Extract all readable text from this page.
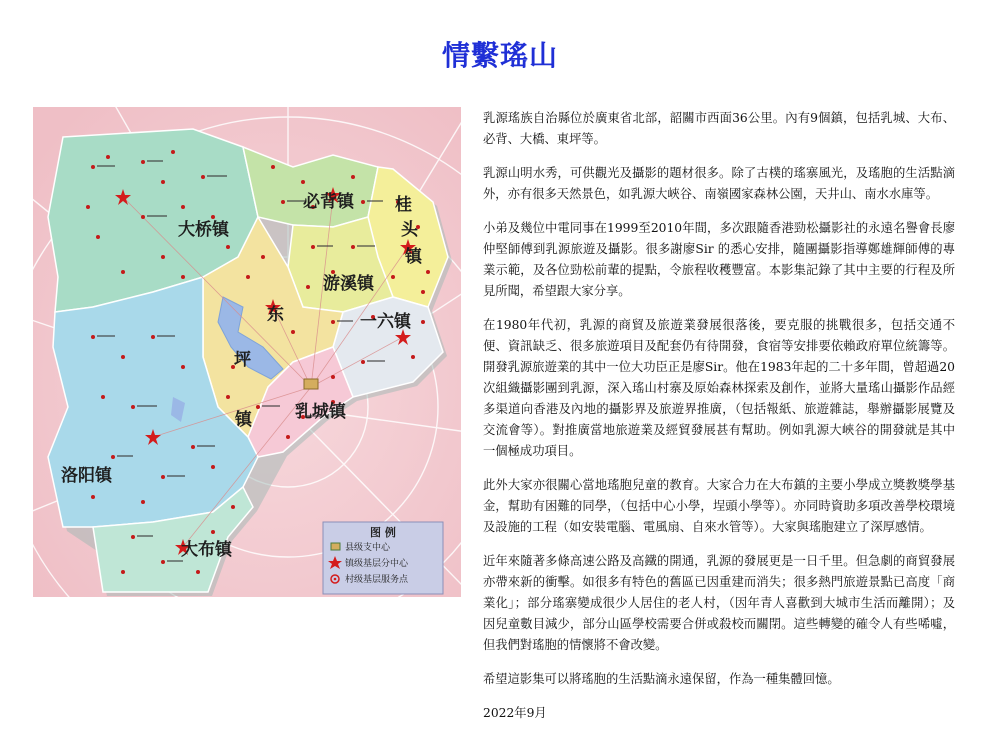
情繫瑤山
必背镇 桂
头
镇
大桥镇
游溪镇
东	一六镇
坪
镇	乳城镇
洛阳镇
大布镇
图 例
县级支中心
镇级基层分中心
村级基层服务点

乳源瑤族自治縣位於廣東省北部，韶關市西面36公里。內有9個鎮，包括乳城、大布、必背、大橋、東坪等。

乳源山明水秀，可供觀光及攝影的題材很多。除了古樸的瑤寨風光，及瑤胞的生活點滴外，亦有很多天然景色，如乳源大峽谷、南嶺國家森林公園，天井山、南水水庫等。

小弟及幾位中電同事在1999至2010年間，多次跟隨香港勁松攝影社的永遠名譽會長廖仲堅師傅到乳源旅遊及攝影。很多謝廖Sir 的悉心安排，隨團攝影指導鄭雄輝師傅的專業示範，及各位勁松前輩的提點，令旅程收穫豐富。本影集記錄了其中主要的行程及所見所聞，希望跟大家分享。

在1980年代初，乳源的商貿及旅遊業發展很落後，要克服的挑戰很多，包括交通不便、資訊缺乏、很多旅遊項目及配套仍有待開發，食宿等安排要依賴政府單位統籌等。開發乳源旅遊業的其中一位大功臣正是廖Sir。他在1983年起的二十多年間，曾超過20次組織攝影團到乳源，深入瑤山村寨及原始森林探索及創作，並將大量瑤山攝影作品經多渠道向香港及內地的攝影界及旅遊界推廣，（包括報紙、旅遊雜誌，舉辦攝影展覽及交流會等）。對推廣當地旅遊業及經貿發展甚有幫助。例如乳源大峽谷的開發就是其中一個極成功項目。

此外大家亦很關心當地瑤胞兒童的教育。大家合力在大布鎮的主要小學成立獎教獎學基金，幫助有困難的同學，（包括中心小學，埕頭小學等）。亦同時資助多項改善學校環境及設施的工程（如安裝電腦、電風扇、自來水管等）。大家與瑤胞建立了深厚感情。

近年來隨著多條高速公路及高鐵的開通，乳源的發展更是一日千里。但急劇的商貿發展亦帶來新的衝擊。如很多有特色的舊區已因重建而消失；很多熱門旅遊景點已高度「商業化」；部分瑤寨變成很少人居住的老人村，（因年青人喜歡到大城市生活而離開）；及因兒童數目減少，部分山區學校需要合併或殺校而關閉。這些轉變的確令人有些唏噓，但我們對瑤胞的情懷將不會改變。

希望這影集可以將瑤胞的生活點滴永遠保留，作為一種集體回憶。

2022年9月
